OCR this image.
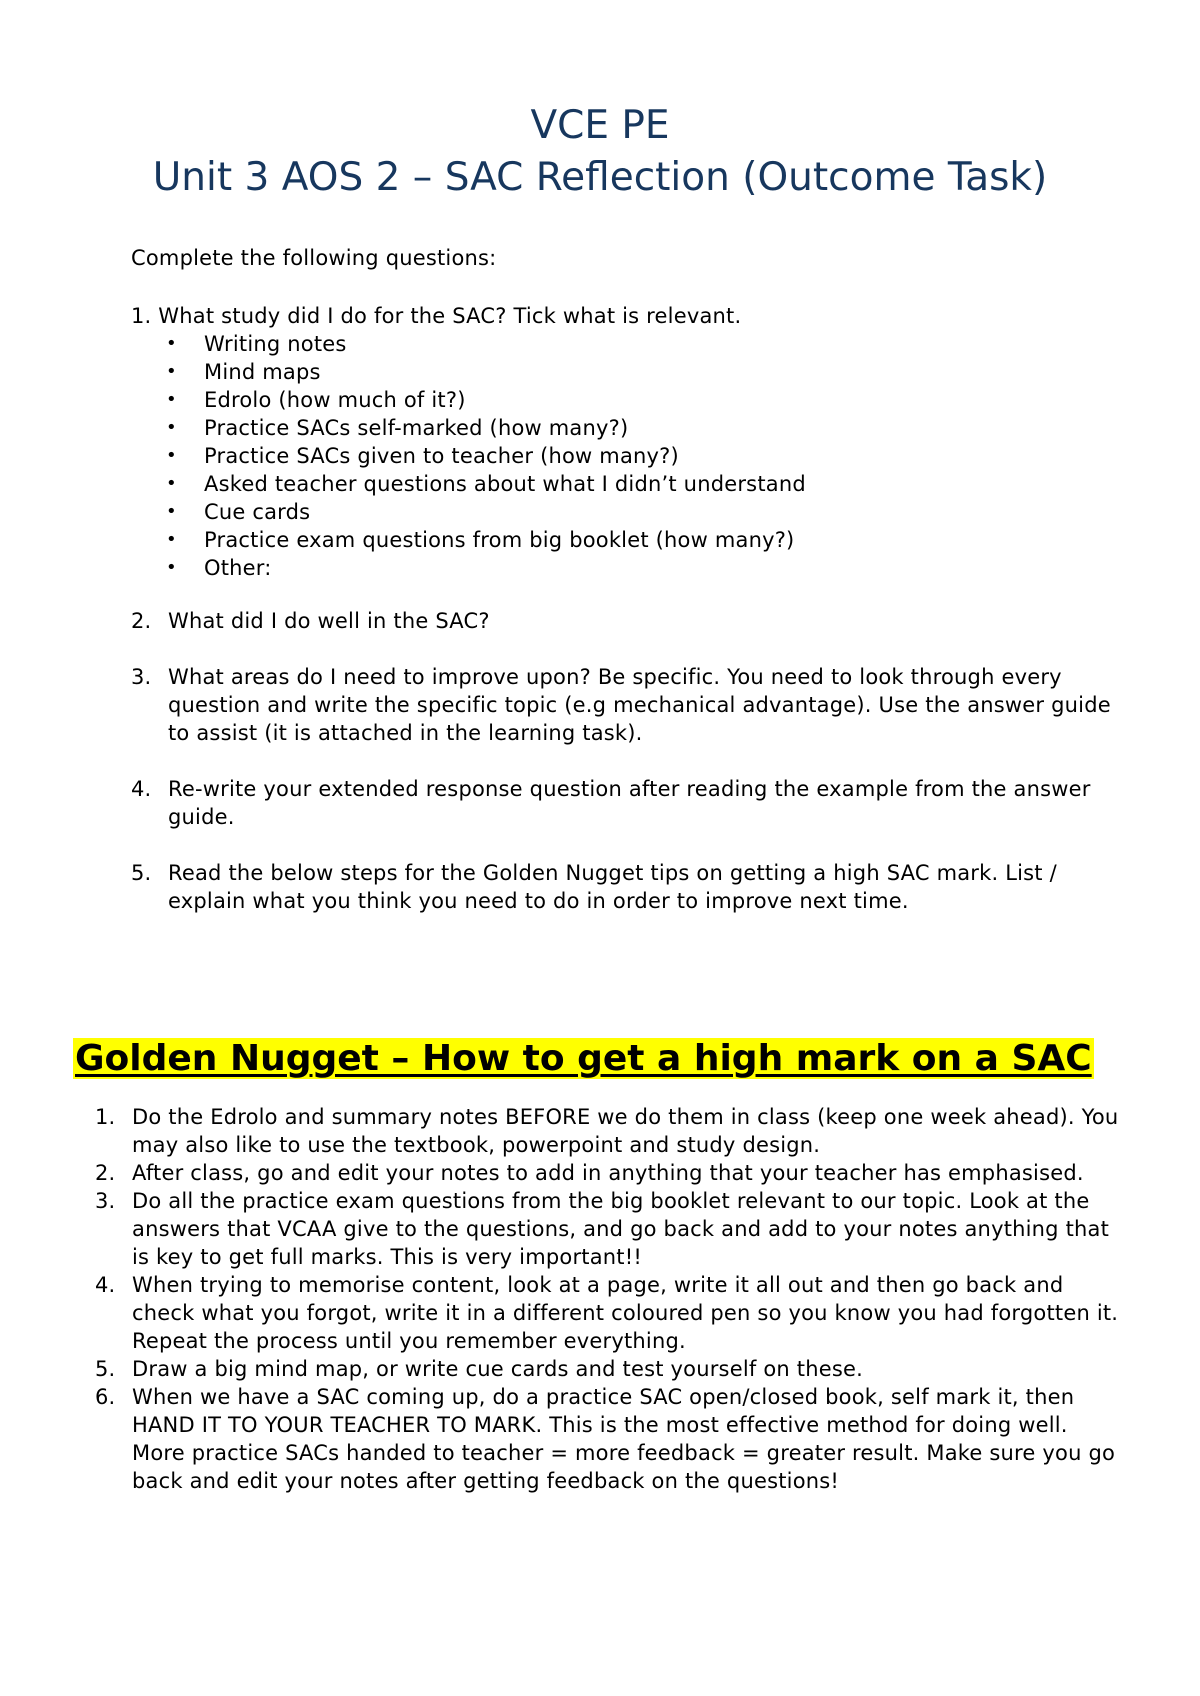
VCE PE
Unit 3 AOS 2 – SAC Reflection (Outcome Task)
Complete the following questions:
1. What study did I do for the SAC? Tick what is relevant.
• Writing notes
• Mind maps
• Edrolo (how much of it?)
• Practice SACs self-marked (how many?)
• Practice SACs given to teacher (how many?)
• Asked teacher questions about what I didn’t understand
• Cue cards
• Practice exam questions from big booklet (how many?)
• Other:
2. What did I do well in the SAC?
3. What areas do I need to improve upon? Be specific. You need to look through every question and write the specific topic (e.g mechanical advantage). Use the answer guide to assist (it is attached in the learning task).
4. Re-write your extended response question after reading the example from the answer guide.
5. Read the below steps for the Golden Nugget tips on getting a high SAC mark. List / explain what you think you need to do in order to improve next time.
Golden Nugget – How to get a high mark on a SAC
1. Do the Edrolo and summary notes BEFORE we do them in class (keep one week ahead). You may also like to use the textbook, powerpoint and study design.
2. After class, go and edit your notes to add in anything that your teacher has emphasised.
3. Do all the practice exam questions from the big booklet relevant to our topic. Look at the answers that VCAA give to the questions, and go back and add to your notes anything that is key to get full marks. This is very important!!
4. When trying to memorise content, look at a page, write it all out and then go back and check what you forgot, write it in a different coloured pen so you know you had forgotten it. Repeat the process until you remember everything.
5. Draw a big mind map, or write cue cards and test yourself on these.
6. When we have a SAC coming up, do a practice SAC open/closed book, self mark it, then HAND IT TO YOUR TEACHER TO MARK. This is the most effective method for doing well. More practice SACs handed to teacher = more feedback = greater result. Make sure you go back and edit your notes after getting feedback on the questions!
